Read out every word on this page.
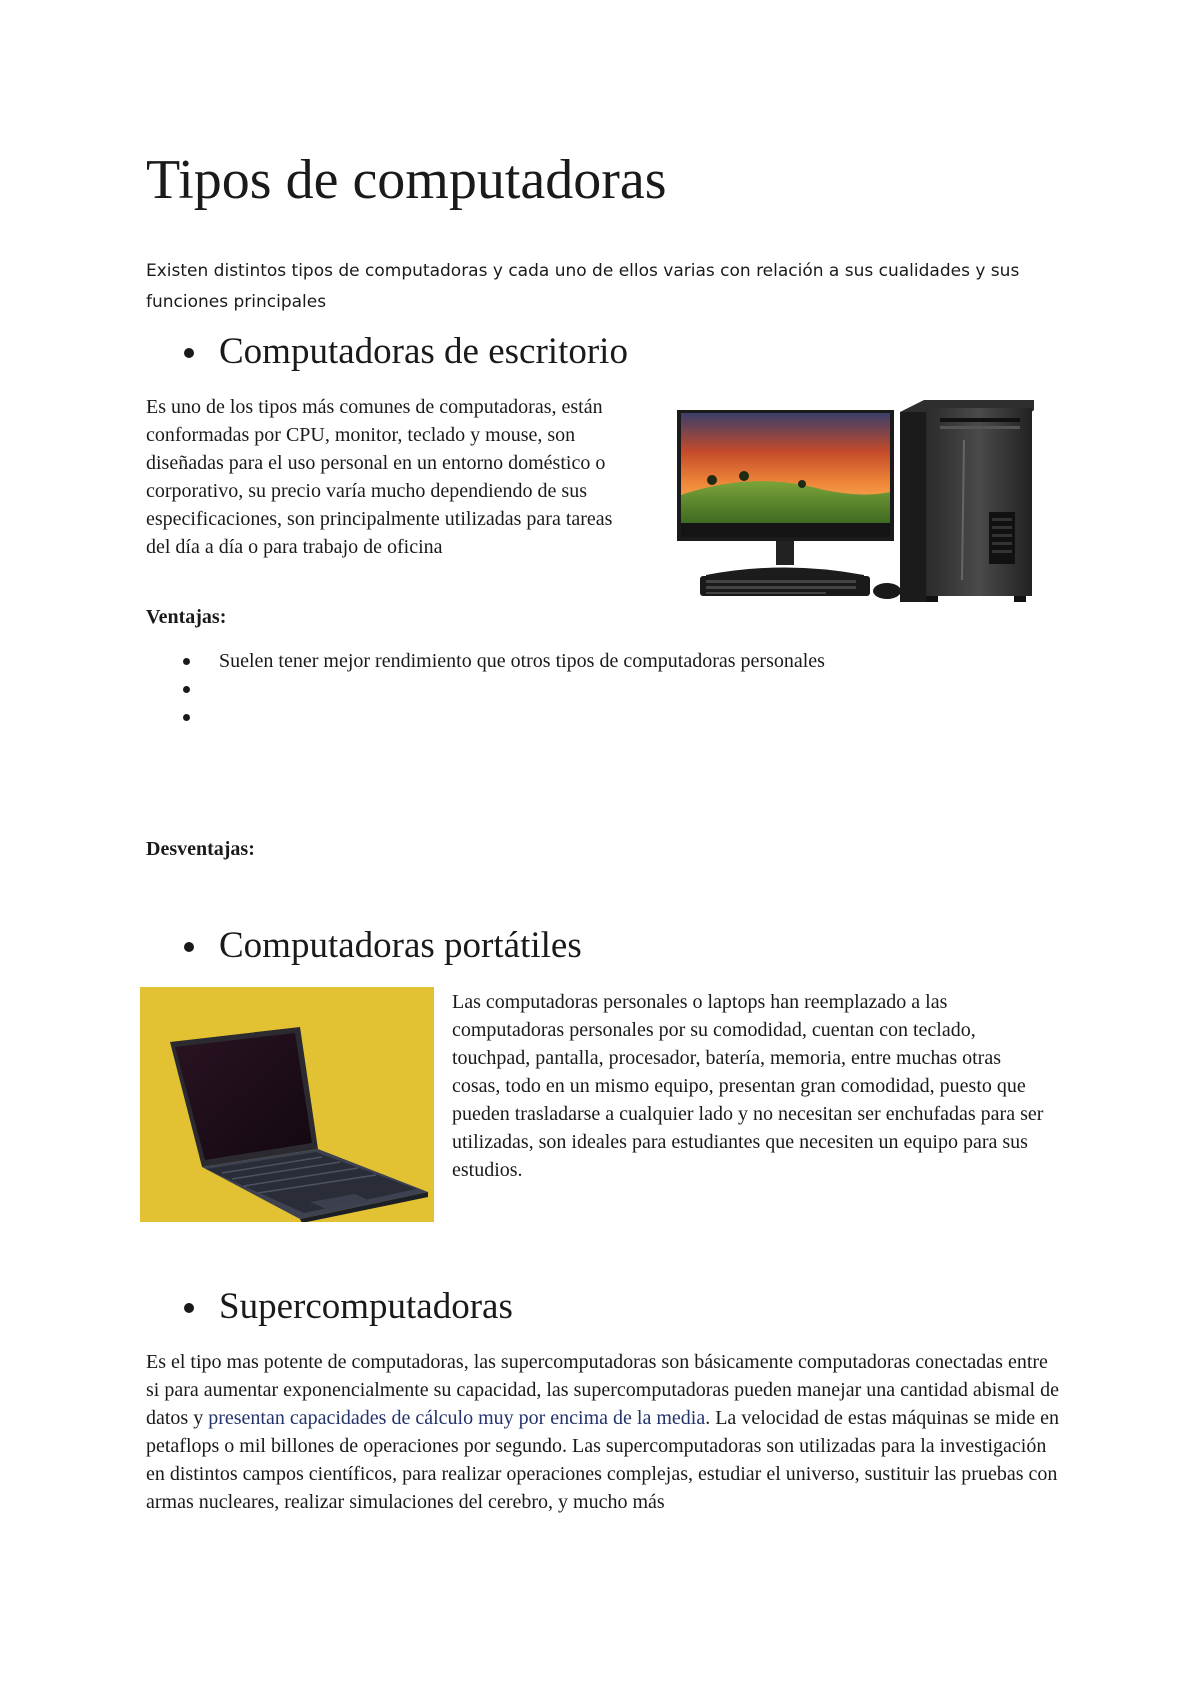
Tipos de computadoras

Existen distintos tipos de computadoras y cada uno de ellos varias con relación a sus cualidades y sus funciones principales

Computadoras de escritorio

Es uno de los tipos más comunes de computadoras, están conformadas por CPU, monitor, teclado y mouse, son diseñadas para el uso personal en un entorno doméstico o corporativo, su precio varía mucho dependiendo de sus especificaciones, son principalmente utilizadas para tareas del día a día o para trabajo de oficina

Ventajas:
Suelen tener mejor rendimiento que otros tipos de computadoras personales
Desventajas:
Computadoras portátiles

Las computadoras personales o laptops han reemplazado a las computadoras personales por su comodidad, cuentan con teclado, touchpad, pantalla, procesador, batería, memoria, entre muchas otras cosas, todo en un mismo equipo, presentan gran comodidad, puesto que pueden trasladarse a cualquier lado y no necesitan ser enchufadas para ser utilizadas, son ideales para estudiantes que necesiten un equipo para sus estudios.

Supercomputadoras

Es el tipo mas potente de computadoras, las supercomputadoras son básicamente computadoras conectadas entre si para aumentar exponencialmente su capacidad, las supercomputadoras pueden manejar una cantidad abismal de datos y presentan capacidades de cálculo muy por encima de la media. La velocidad de estas máquinas se mide en petaflops o mil billones de operaciones por segundo. Las supercomputadoras son utilizadas para la investigación en distintos campos científicos, para realizar operaciones complejas, estudiar el universo, sustituir las pruebas con armas nucleares, realizar simulaciones del cerebro, y mucho más
